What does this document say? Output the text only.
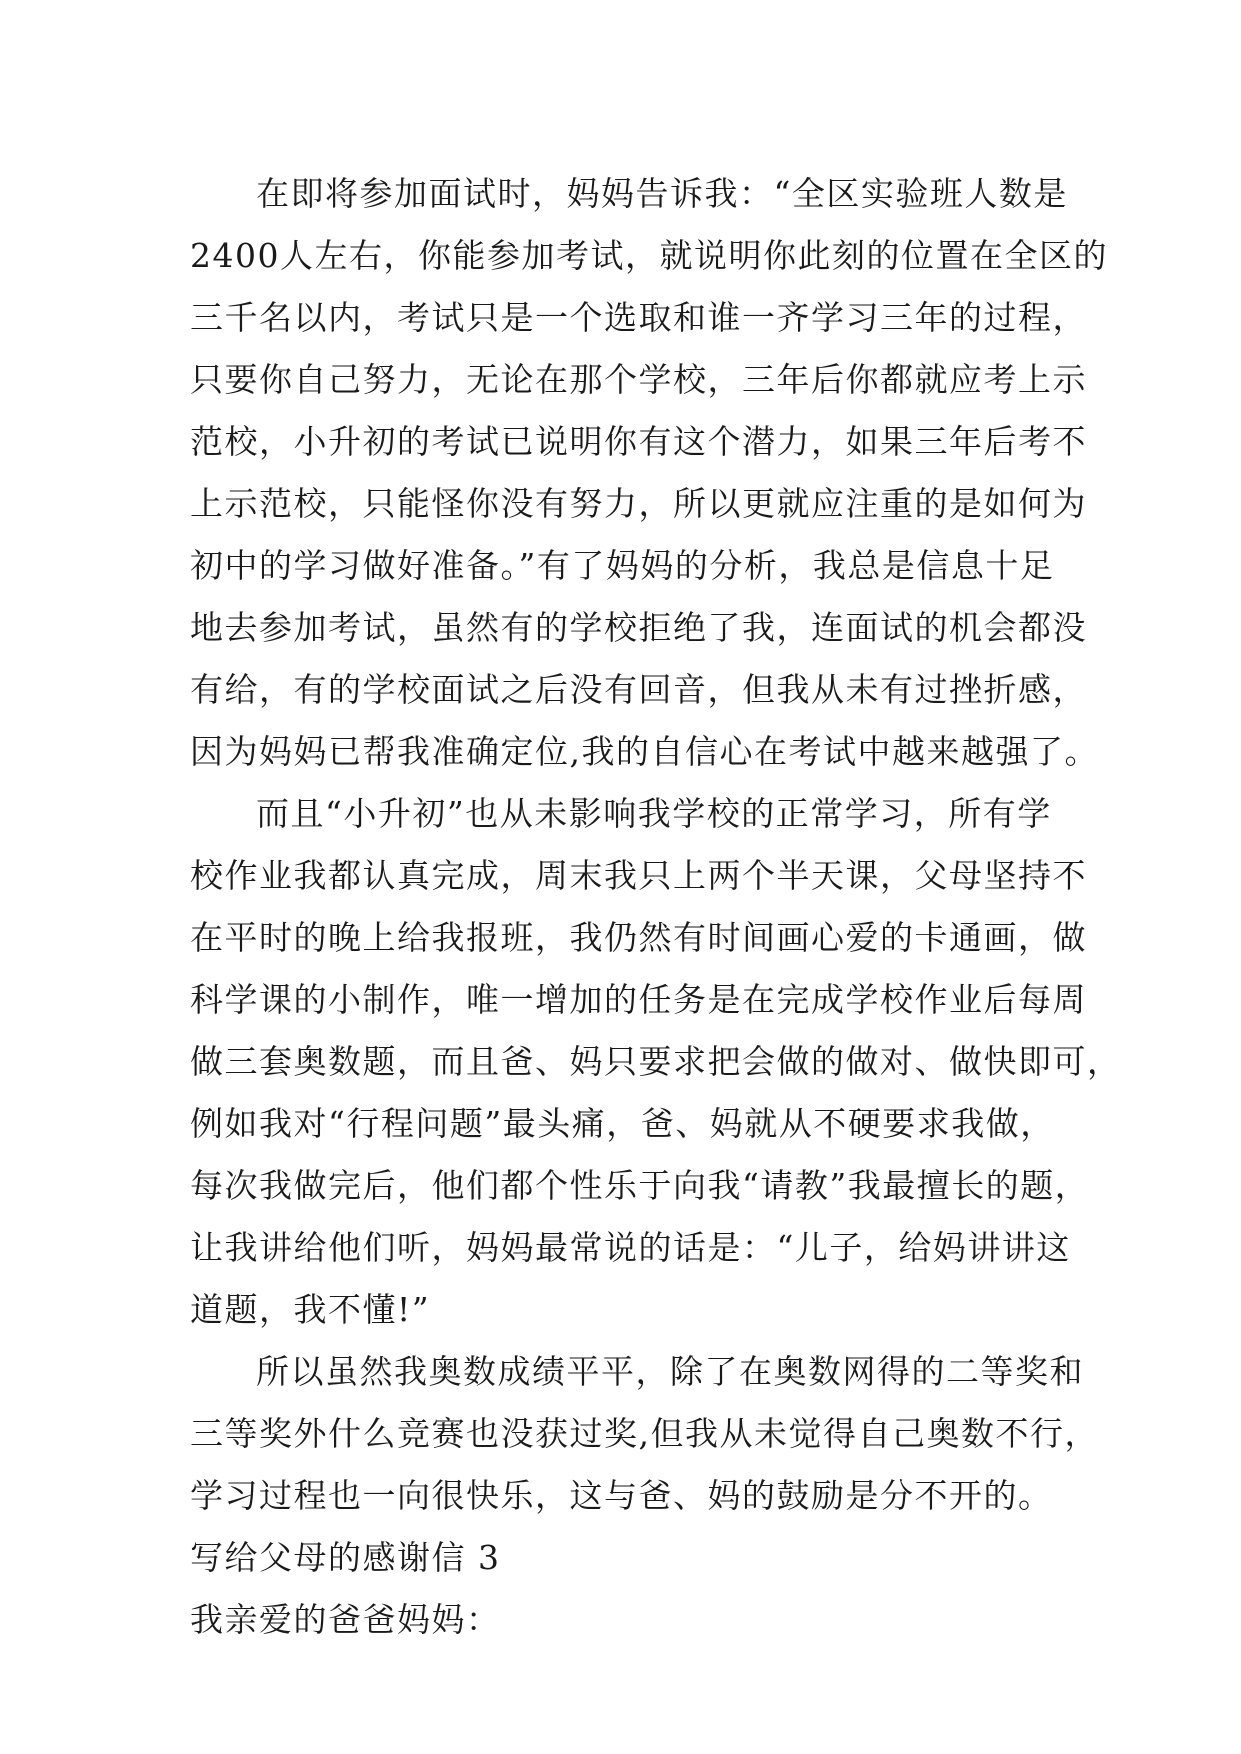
在即将参加面试时，妈妈告诉我：“全区实验班人数是
2400人左右，你能参加考试，就说明你此刻的位置在全区的
三千名以内，考试只是一个选取和谁一齐学习三年的过程，
只要你自己努力，无论在那个学校，三年后你都就应考上示
范校，小升初的考试已说明你有这个潜力，如果三年后考不
上示范校，只能怪你没有努力，所以更就应注重的是如何为
初中的学习做好准备。”有了妈妈的分析，我总是信息十足
地去参加考试，虽然有的学校拒绝了我，连面试的机会都没
有给，有的学校面试之后没有回音，但我从未有过挫折感，
因为妈妈已帮我准确定位,我的自信心在考试中越来越强了。
而且“小升初”也从未影响我学校的正常学习，所有学
校作业我都认真完成，周末我只上两个半天课，父母坚持不
在平时的晚上给我报班，我仍然有时间画心爱的卡通画，做
科学课的小制作，唯一增加的任务是在完成学校作业后每周
做三套奥数题，而且爸、妈只要求把会做的做对、做快即可，
例如我对“行程问题”最头痛，爸、妈就从不硬要求我做，
每次我做完后，他们都个性乐于向我“请教”我最擅长的题，
让我讲给他们听，妈妈最常说的话是：“儿子，给妈讲讲这
道题，我不懂!”
所以虽然我奥数成绩平平，除了在奥数网得的二等奖和
三等奖外什么竞赛也没获过奖,但我从未觉得自己奥数不行，
学习过程也一向很快乐，这与爸、妈的鼓励是分不开的。
写给父母的感谢信 3
我亲爱的爸爸妈妈：
